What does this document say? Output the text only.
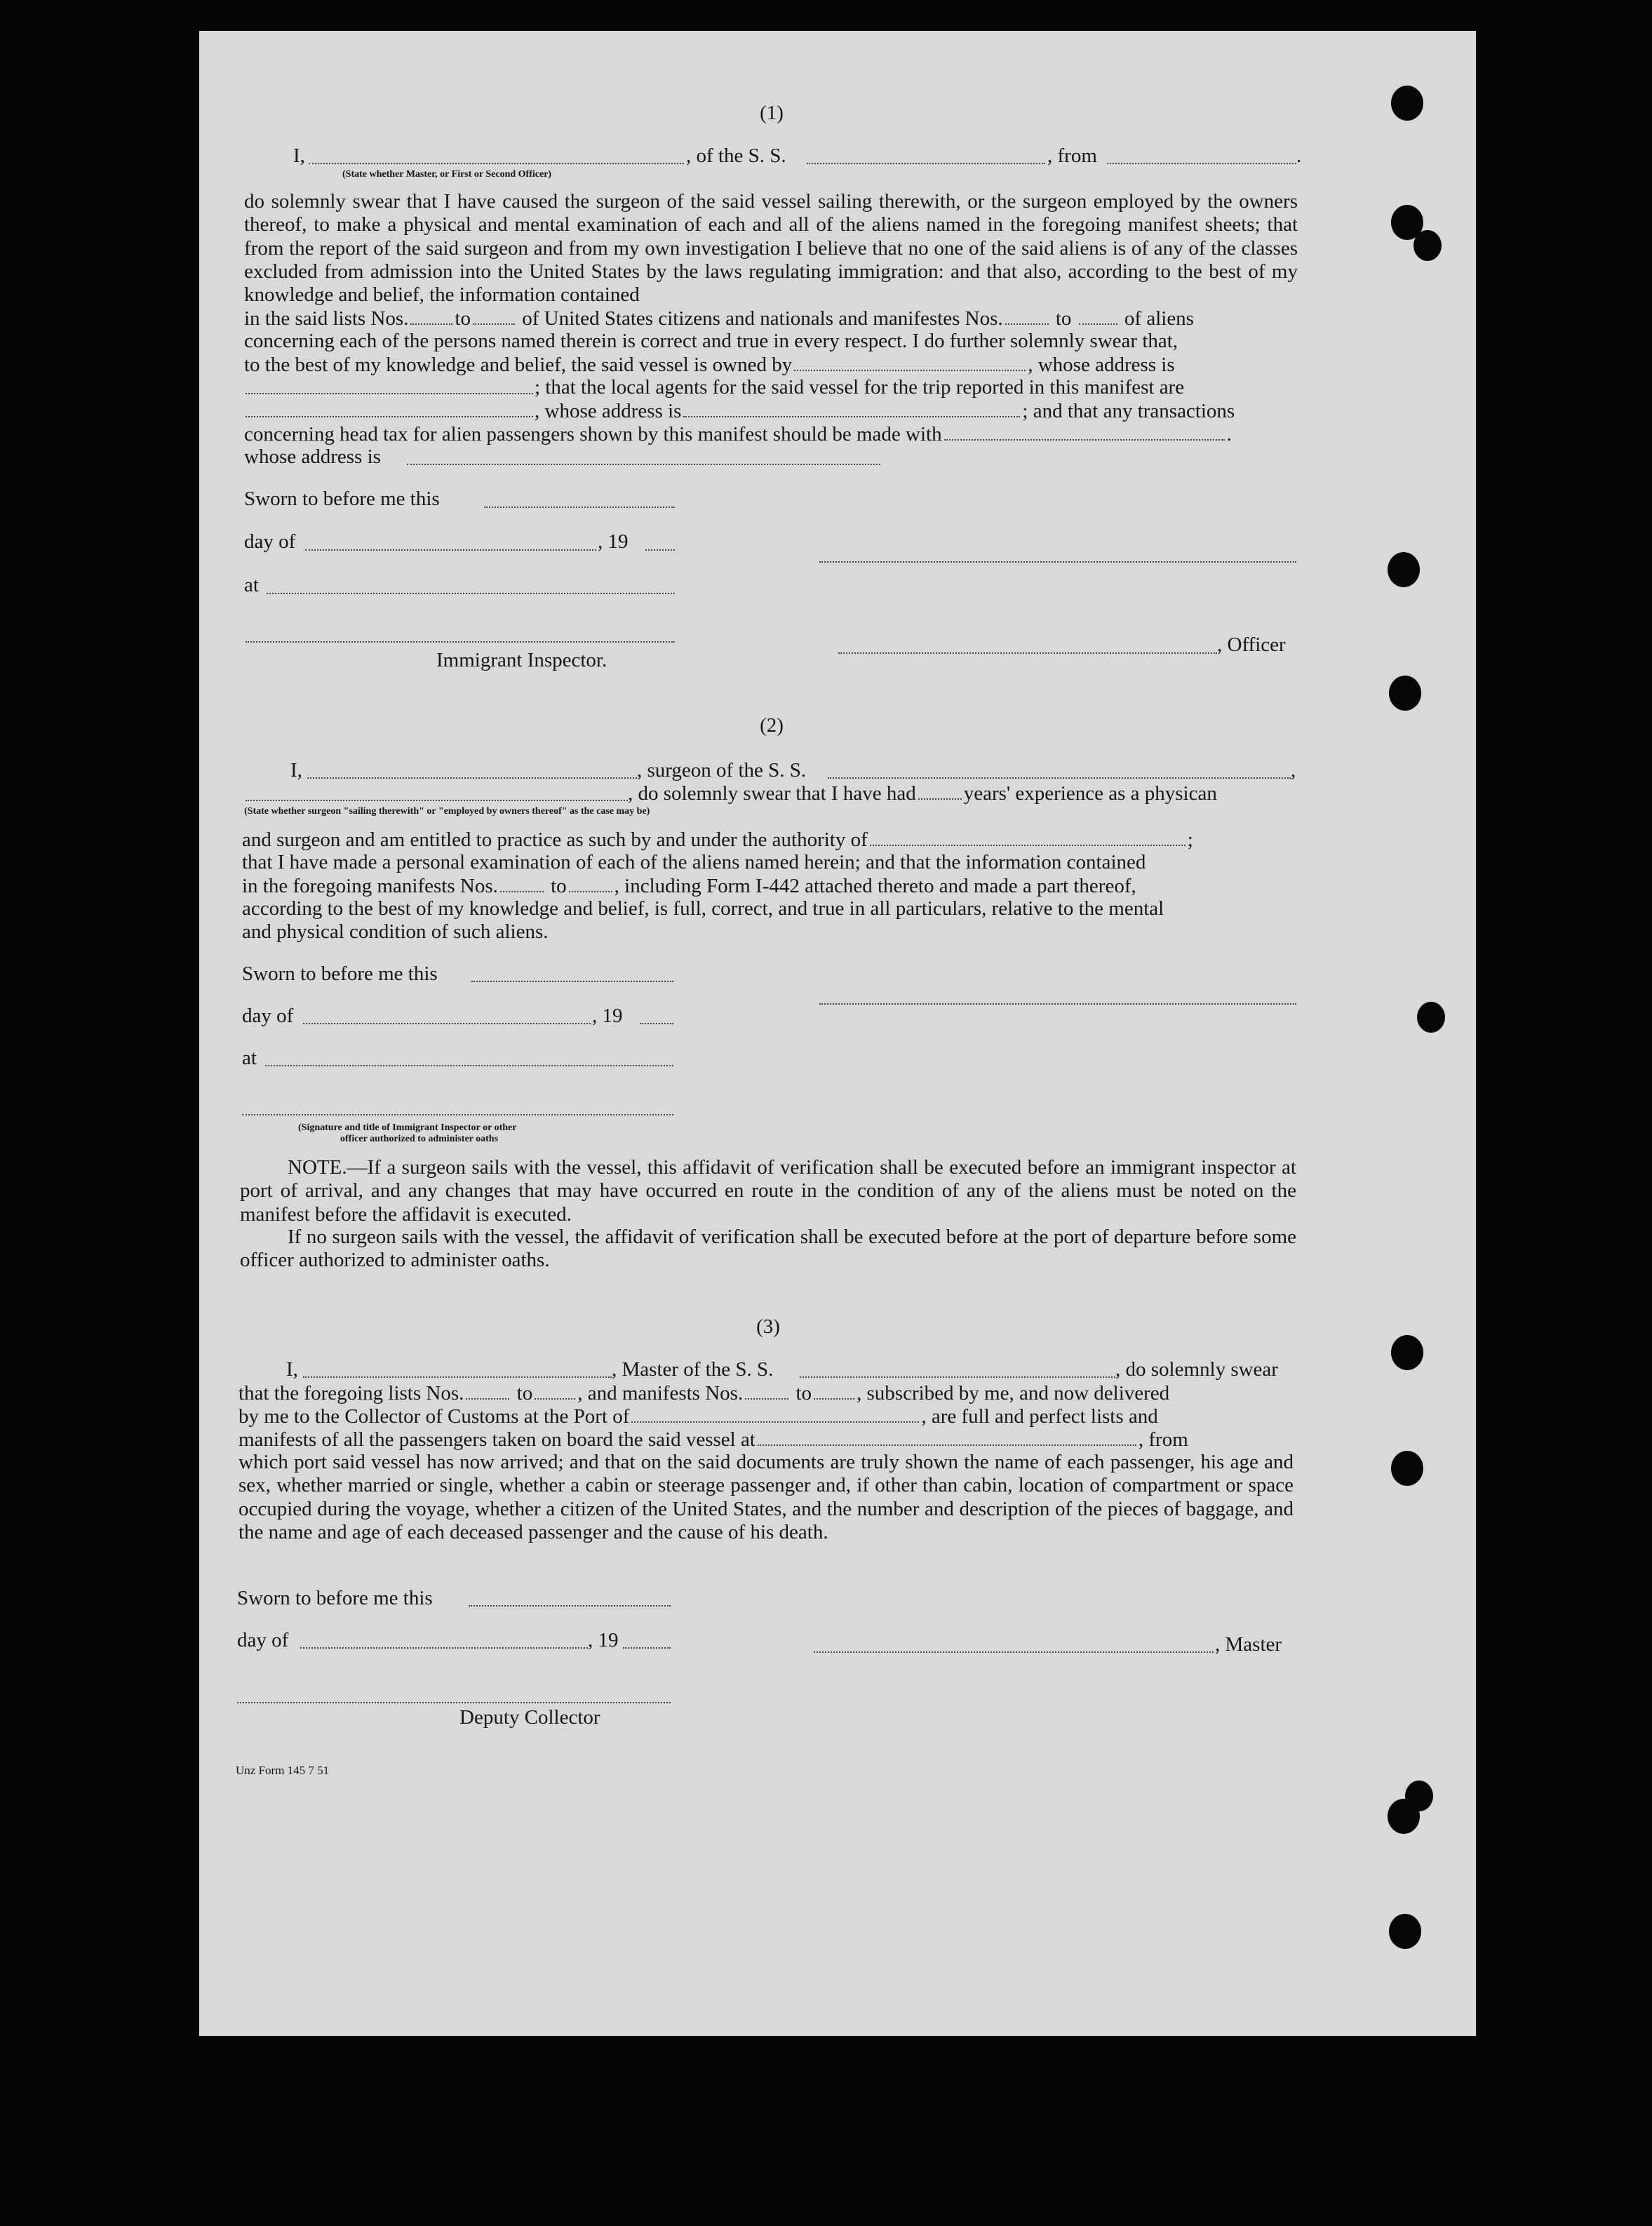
(1)
I,	, of the S. S.	, from	.
(State whether Master, or First or Second Officer)
do solemnly swear that I have caused the surgeon of the said vessel sailing therewith, or the surgeon employed by the owners thereof, to make a physical and mental examination of each and all of the aliens named in the foregoing manifest sheets; that from the report of the said surgeon and from my own investigation I believe that no one of the said aliens is of any of the classes excluded from admission into the United States by the laws regulating immigration: and that also, according to the best of my knowledge and belief, the information contained
in the said lists Nos. to	of United States citizens and nationals and manifestes Nos.	to	of aliens
concerning each of the persons named therein is correct and true in every respect. I do further solemnly swear that,
to the best of my knowledge and belief, the said vessel is owned by	, whose address is
; that the local agents for the said vessel for the trip reported in this manifest are
, whose address is	; and that any transactions
concerning head tax for alien passengers shown by this manifest should be made with	.
whose address is
Sworn to before me this
day of	, 19
at
, Officer
Immigrant Inspector.
(2)
I,	, surgeon of the S. S.	,
, do solemnly swear that I have had years' experience as a physican
(State whether surgeon "sailing therewith" or "employed by owners thereof" as the case may be)
and surgeon and am entitled to practice as such by and under the authority of	;
that I have made a personal examination of each of the aliens named herein; and that the information contained
in the foregoing manifests Nos.	to , including Form I-442 attached thereto and made a part thereof,
according to the best of my knowledge and belief, is full, correct, and true in all particulars, relative to the mental
and physical condition of such aliens.
Sworn to before me this
day of	, 19
at
(Signature and title of Immigrant Inspector or other
officer authorized to administer oaths
NOTE.—If a surgeon sails with the vessel, this affidavit of verification shall be executed before an immigrant inspector at port of arrival, and any changes that may have occurred en route in the condition of any of the aliens must be noted on the manifest before the affidavit is executed.
If no surgeon sails with the vessel, the affidavit of verification shall be executed before at the port of departure before some officer authorized to administer oaths.
(3)
I,	, Master of the S. S.	, do solemnly swear
that the foregoing lists Nos.	to , and manifests Nos.	to , subscribed by me, and now delivered
by me to the Collector of Customs at the Port of	, are full and perfect lists and
manifests of all the passengers taken on board the said vessel at	, from
which port said vessel has now arrived; and that on the said documents are truly shown the name of each passenger, his age and sex, whether married or single, whether a cabin or steerage passenger and, if other than cabin, location of compartment or space occupied during the voyage, whether a citizen of the United States, and the number and description of the pieces of baggage, and the name and age of each deceased passenger and the cause of his death.
Sworn to before me this
day of	, 19	, Master
Deputy Collector
Unz Form 145 7 51
